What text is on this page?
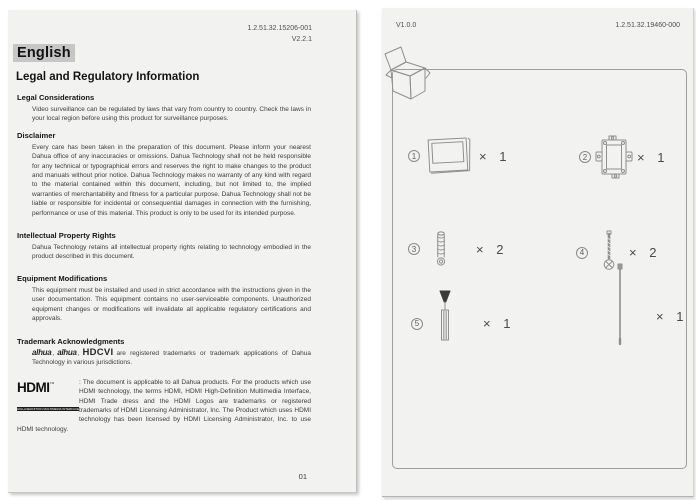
1.2.51.32.15206-001
V2.2.1
English
Legal and Regulatory Information
Legal Considerations

Video surveillance can be regulated by laws that vary from country to country. Check the laws in your local region before using this product for surveillance purposes.

Disclaimer

Every care has been taken in the preparation of this document. Please inform your nearest Dahua office of any inaccuracies or omissions. Dahua Technology shall not be held responsible for any technical or typographical errors and reserves the right to make changes to the product and manuals without prior notice. Dahua Technology makes no warranty of any kind with regard to the material contained within this document, including, but not limited to, the implied warranties of merchantability and fitness for a particular purpose. Dahua Technology shall not be liable or responsible for incidental or consequential damages in connection with the furnishing, performance or use of this material. This product is only to be used for its intended purpose.

Intellectual Property Rights

Dahua Technology retains all intellectual property rights relating to technology embodied in the product described in this document.

Equipment Modifications

This equipment must be installed and used in strict accordance with the instructions given in the user documentation. This equipment contains no user-serviceable components. Unauthorized equipment changes or modifications will invalidate all applicable regulatory certifications and approvals.

Trademark Acknowledgments

alhua, alhua, HDCVI are registered trademarks or trademark applications of Dahua Technology in various jurisdictions.

HDMI™ HIGH-DEFINITION MULTIMEDIA INTERFACE

: The document is applicable to all Dahua products. For the products which use HDMI technology, the terms HDMI, HDMI High-Definition Multimedia Interface, HDMI Trade dress and the HDMI Logos are trademarks or registered trademarks of HDMI Licensing Administrator, Inc. The Product which uses HDMI technology has been licensed by HDMI Licensing Administrator, Inc. to use HDMI technology.

01
V1.0.0	1.2.51.32.19460-000
1	× 1	2	× 1
3	× 2	4	× 2
5	× 1	× 1
